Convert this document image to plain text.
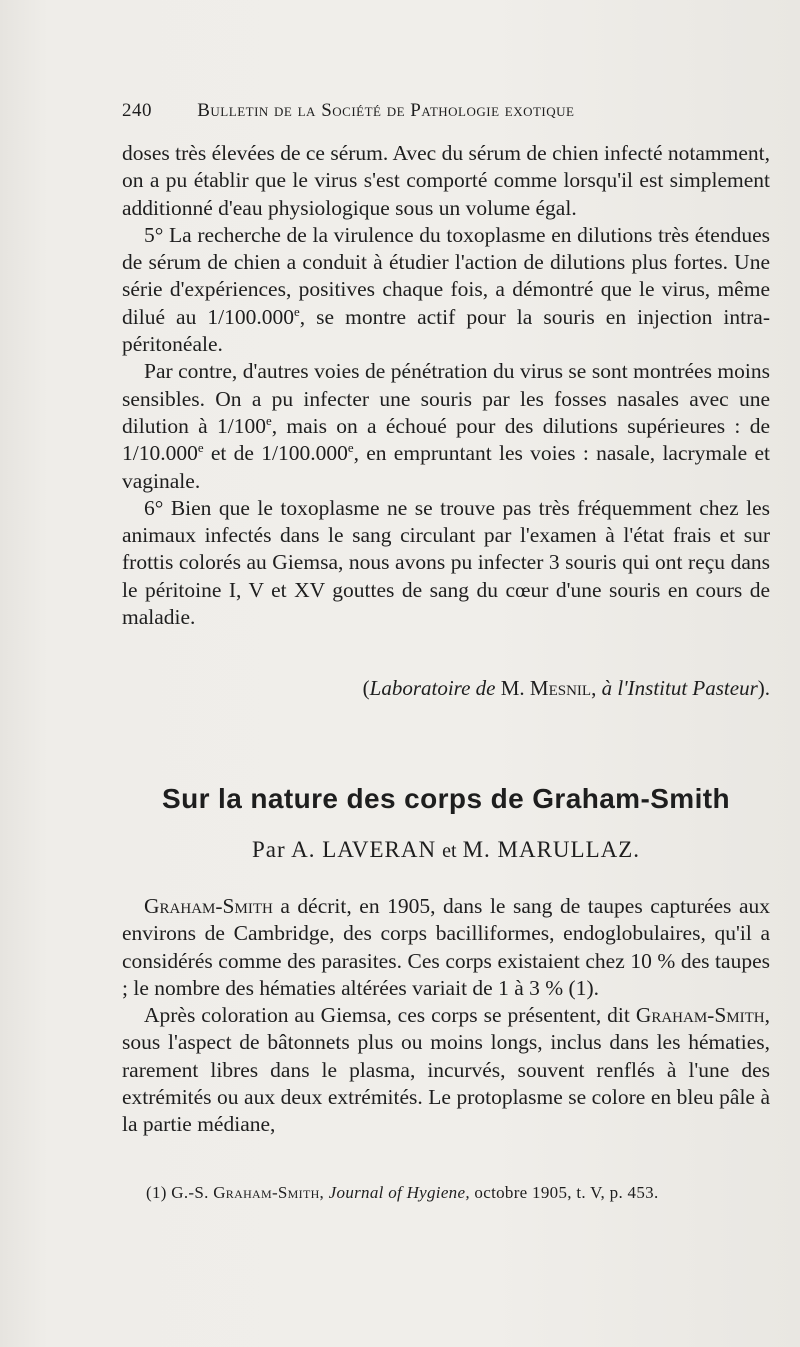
240 Bulletin de la Société de Pathologie exotique

doses très élevées de ce sérum. Avec du sérum de chien infecté notamment, on a pu établir que le virus s'est comporté comme lorsqu'il est simplement additionné d'eau physiologique sous un volume égal.

5° La recherche de la virulence du toxoplasme en dilutions très étendues de sérum de chien a conduit à étudier l'action de dilutions plus fortes. Une série d'expériences, positives chaque fois, a démontré que le virus, même dilué au 1/100.000e, se montre actif pour la souris en injection intra-péritonéale.

Par contre, d'autres voies de pénétration du virus se sont montrées moins sensibles. On a pu infecter une souris par les fosses nasales avec une dilution à 1/100e, mais on a échoué pour des dilutions supérieures : de 1/10.000e et de 1/100.000e, en empruntant les voies : nasale, lacrymale et vaginale.

6° Bien que le toxoplasme ne se trouve pas très fréquemment chez les animaux infectés dans le sang circulant par l'examen à l'état frais et sur frottis colorés au Giemsa, nous avons pu infecter 3 souris qui ont reçu dans le péritoine I, V et XV gouttes de sang du cœur d'une souris en cours de maladie.

(Laboratoire de M. Mesnil, à l'Institut Pasteur).
Sur la nature des corps de Graham-Smith
Par A. LAVERAN et M. MARULLAZ.

Graham-Smith a décrit, en 1905, dans le sang de taupes capturées aux environs de Cambridge, des corps bacilliformes, endoglobulaires, qu'il a considérés comme des parasites. Ces corps existaient chez 10 % des taupes ; le nombre des hématies altérées variait de 1 à 3 % (1).

Après coloration au Giemsa, ces corps se présentent, dit Graham-Smith, sous l'aspect de bâtonnets plus ou moins longs, inclus dans les hématies, rarement libres dans le plasma, incurvés, souvent renflés à l'une des extrémités ou aux deux extrémités. Le protoplasme se colore en bleu pâle à la partie médiane,

(1) G.-S. Graham-Smith, Journal of Hygiene, octobre 1905, t. V, p. 453.
